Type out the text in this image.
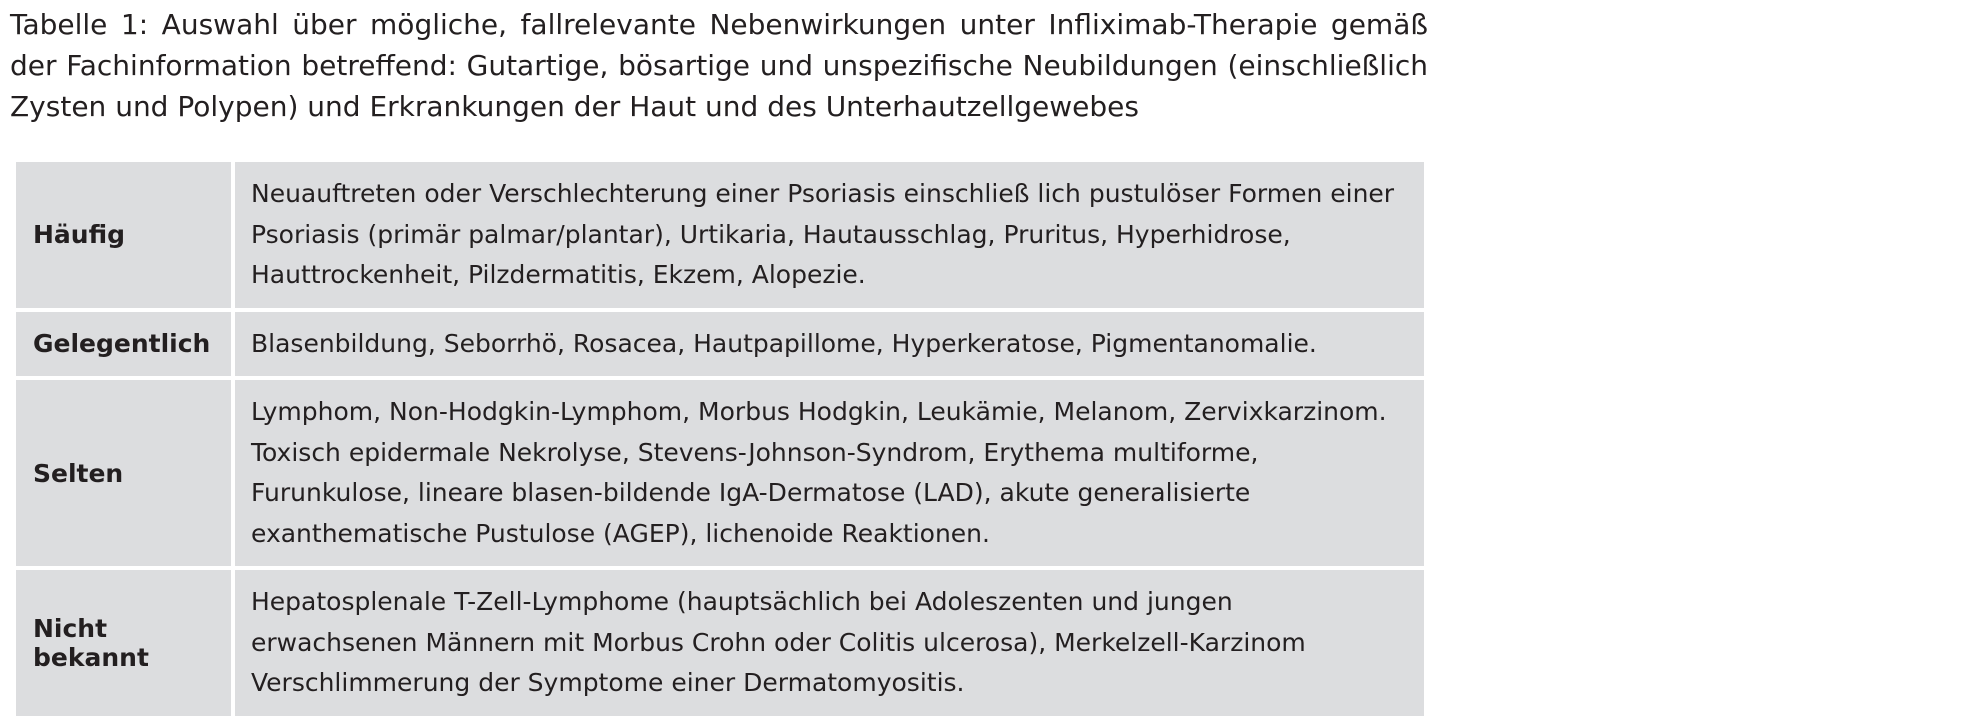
Tabelle 1: Auswahl über mögliche, fallrelevante Nebenwirkungen unter Infliximab-Therapie gemäß der Fachinformation betreffend: Gutartige, bösartige und unspezifische Neubildungen (einschließlich Zysten und Polypen) und Erkrankungen der Haut und des Unterhautzellgewebes

Häufig	Neuauftreten oder Verschlechterung einer Psoriasis einschließ lich pustulöser Formen einer Psoriasis (primär palmar/plantar), Urtikaria, Hautausschlag, Pruritus, Hyperhidrose, Hauttrockenheit, Pilzdermatitis, Ekzem, Alopezie.
Gelegentlich	Blasenbildung, Seborrhö, Rosacea, Hautpapillome, Hyperkeratose, Pigmentanomalie.
Selten	Lymphom, Non-Hodgkin-Lymphom, Morbus Hodgkin, Leukämie, Melanom, Zervixkarzinom. Toxisch epidermale Nekrolyse, Stevens-Johnson-Syndrom, Erythema multiforme, Furunkulose, lineare blasen-bildende IgA-Dermatose (LAD), akute generalisierte exanthematische Pustulose (AGEP), lichenoide Reaktionen.
Nicht bekannt	Hepatosplenale T-Zell-Lymphome (hauptsächlich bei Adoleszenten und jungen erwachsenen Männern mit Morbus Crohn oder Colitis ulcerosa), Merkelzell-Karzinom Verschlimmerung der Symptome einer Dermatomyositis.
